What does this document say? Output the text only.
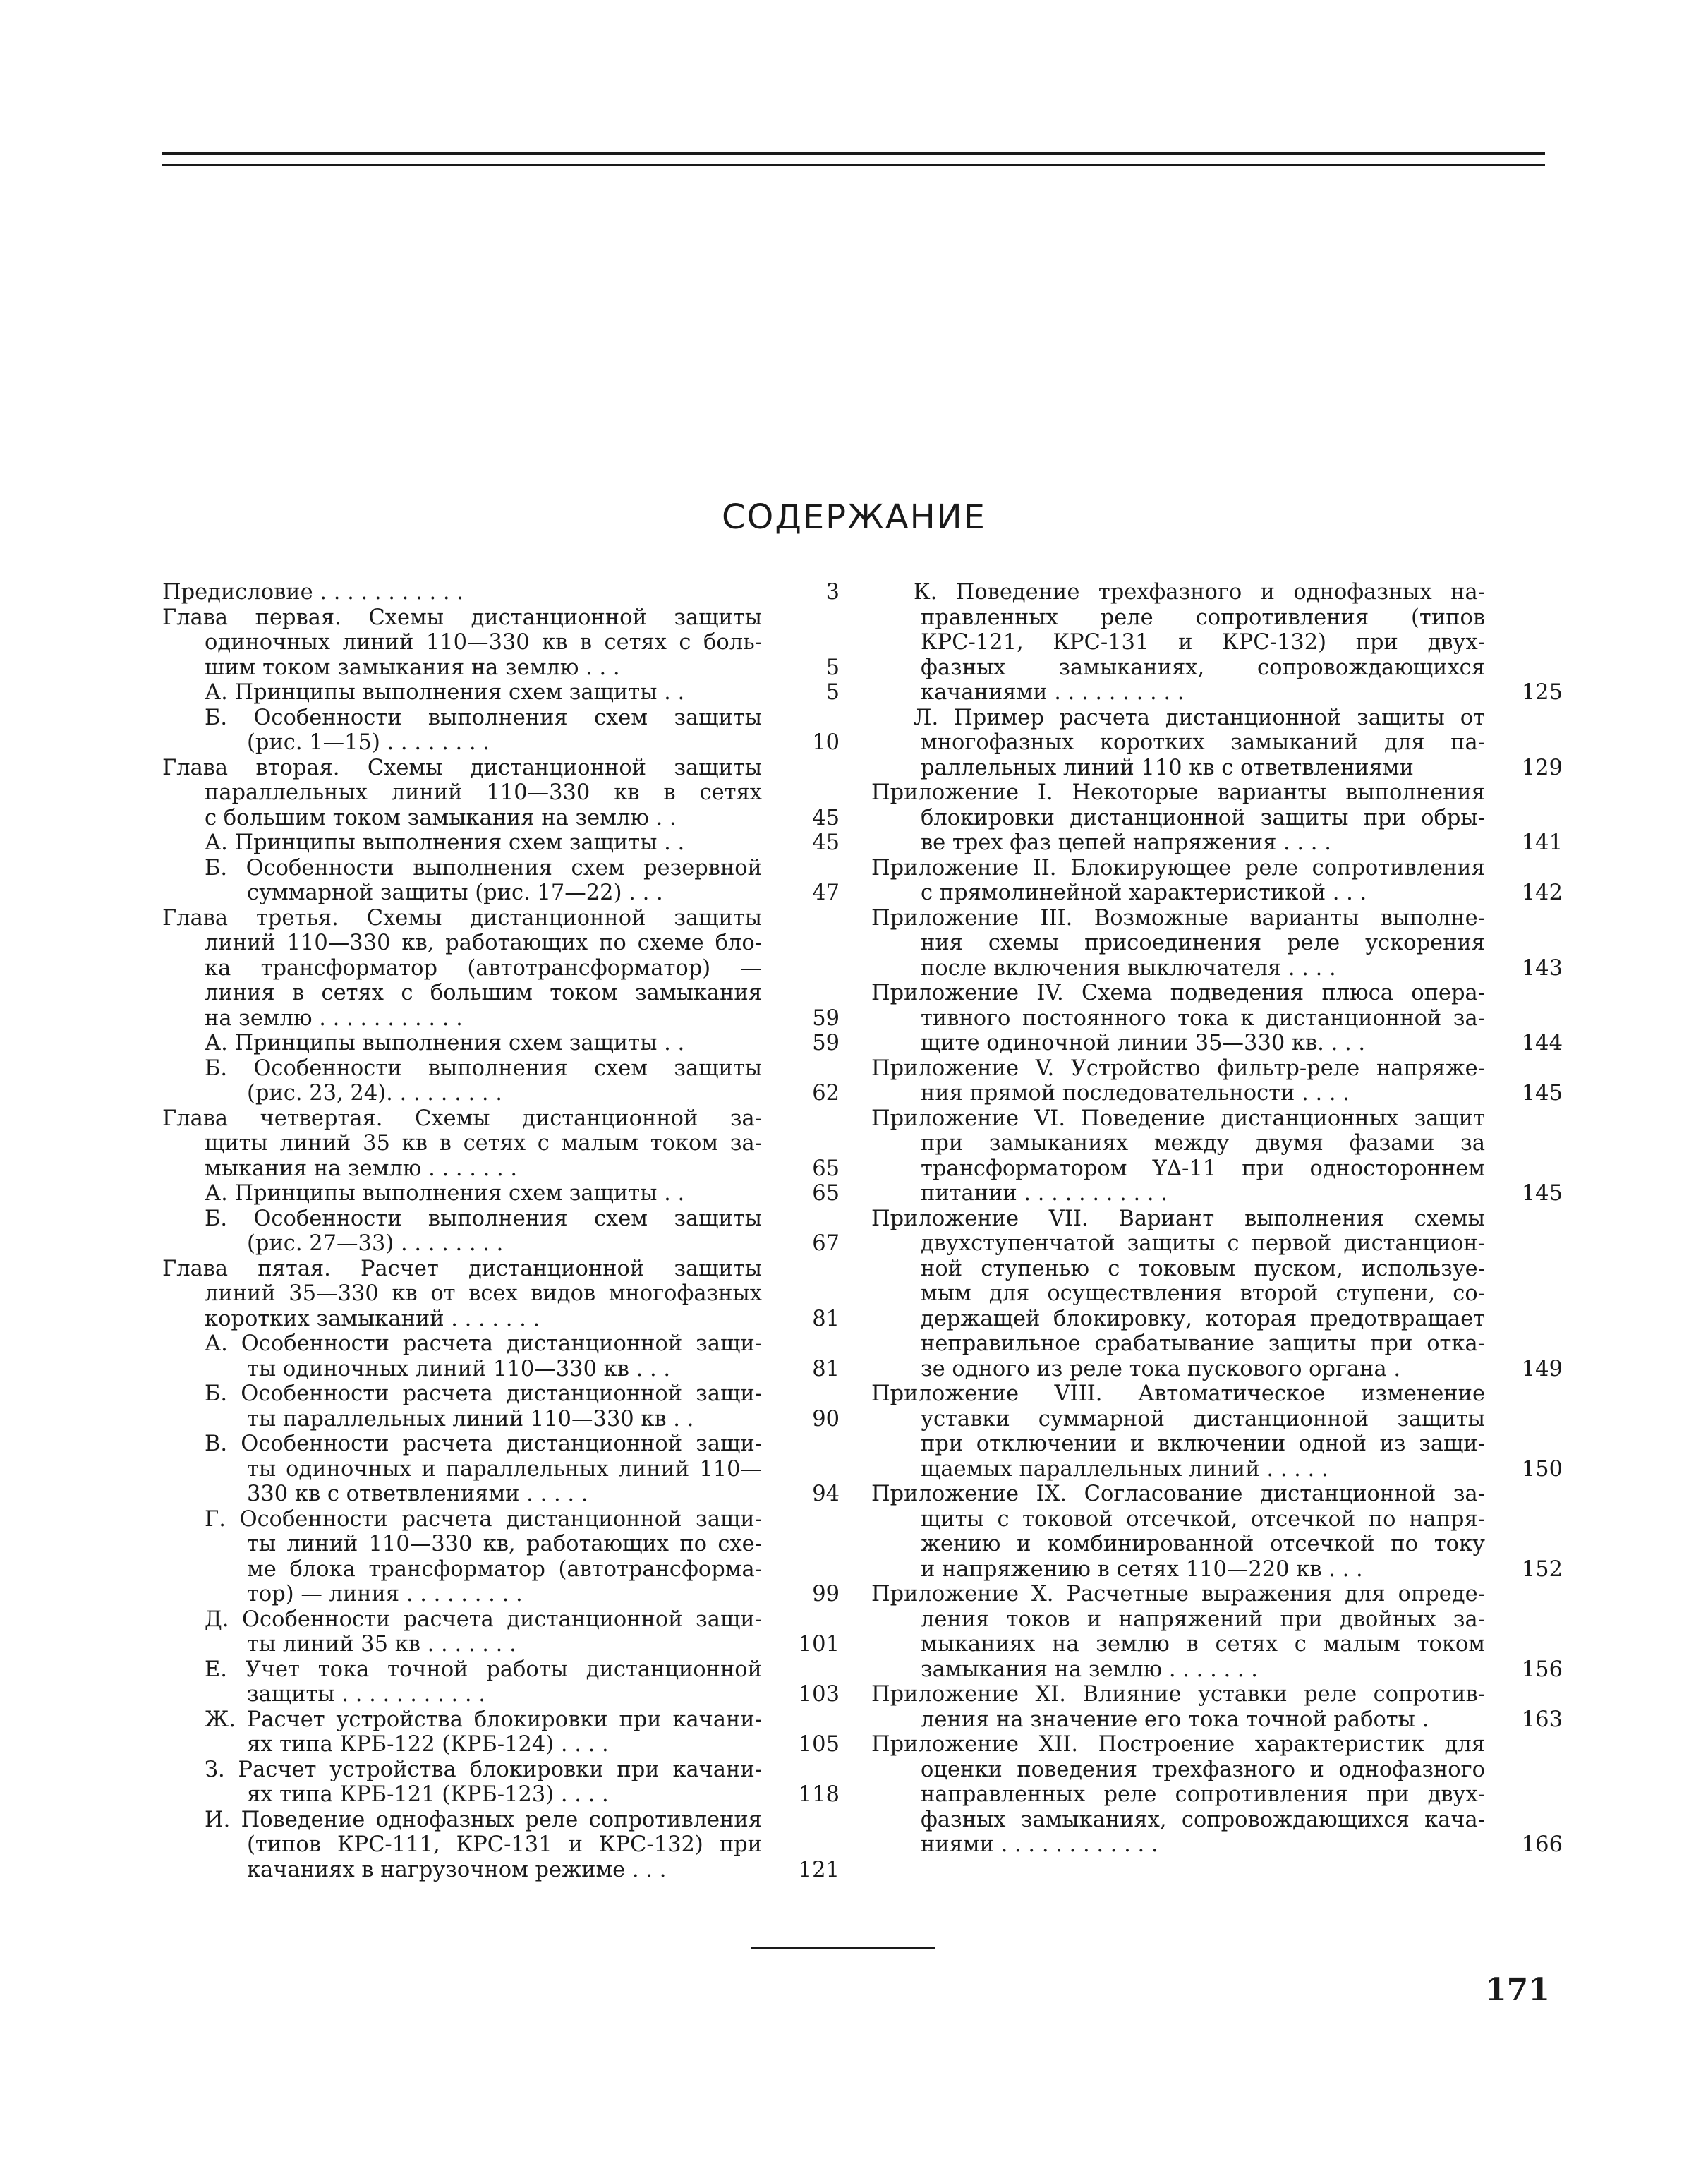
СОДЕРЖАНИЕ
Предисловие . . . . . . . . . . .	3
Глава первая. Схемы дистанционной защиты
одиночных линий 110—330 кв в сетях с боль-
шим током замыкания на землю . . .	5
А. Принципы выполнения схем защиты . .	5
Б. Особенности выполнения схем защиты
(рис. 1—15) . . . . . . . .	10
Глава вторая. Схемы дистанционной защиты
параллельных линий 110—330 кв в сетях
с большим током замыкания на землю . .	45
А. Принципы выполнения схем защиты . .	45
Б. Особенности выполнения схем резервной
суммарной защиты (рис. 17—22) . . .	47
Глава третья. Схемы дистанционной защиты
линий 110—330 кв, работающих по схеме бло-
ка трансформатор (автотрансформатор) —
линия в сетях с большим током замыкания
на землю . . . . . . . . . . .	59
А. Принципы выполнения схем защиты . .	59
Б. Особенности выполнения схем защиты
(рис. 23, 24). . . . . . . . .	62
Глава четвертая. Схемы дистанционной за-
щиты линий 35 кв в сетях с малым током за-
мыкания на землю . . . . . . .	65
А. Принципы выполнения схем защиты . .	65
Б. Особенности выполнения схем защиты
(рис. 27—33) . . . . . . . .	67
Глава пятая. Расчет дистанционной защиты
линий 35—330 кв от всех видов многофазных
коротких замыканий . . . . . . .	81
А. Особенности расчета дистанционной защи-
ты одиночных линий 110—330 кв . . .	81
Б. Особенности расчета дистанционной защи-
ты параллельных линий 110—330 кв . .	90
В. Особенности расчета дистанционной защи-
ты одиночных и параллельных линий 110—
330 кв с ответвлениями . . . . .	94
Г. Особенности расчета дистанционной защи-
ты линий 110—330 кв, работающих по схе-
ме блока трансформатор (автотрансформа-
тор) — линия . . . . . . . . .	99
Д. Особенности расчета дистанционной защи-
ты линий 35 кв . . . . . . .	101
Е. Учет тока точной работы дистанционной
защиты . . . . . . . . . . .	103
Ж. Расчет устройства блокировки при качани-
ях типа КРБ-122 (КРБ-124) . . . .	105
З. Расчет устройства блокировки при качани-
ях типа КРБ-121 (КРБ-123) . . . .	118
И. Поведение однофазных реле сопротивления
(типов КРС-111, КРС-131 и КРС-132) при
качаниях в нагрузочном режиме . . .	121
К. Поведение трехфазного и однофазных на-
правленных реле сопротивления (типов
КРС-121, КРС-131 и КРС-132) при двух-
фазных замыканиях, сопровождающихся
качаниями . . . . . . . . . .	125
Л. Пример расчета дистанционной защиты от
многофазных коротких замыканий для па-
раллельных линий 110 кв с ответвлениями	129
Приложение I. Некоторые варианты выполнения
блокировки дистанционной защиты при обры-
ве трех фаз цепей напряжения . . . .	141
Приложение II. Блокирующее реле сопротивления
с прямолинейной характеристикой . . .	142
Приложение III. Возможные варианты выполне-
ния схемы присоединения реле ускорения
после включения выключателя . . . .	143
Приложение IV. Схема подведения плюса опера-
тивного постоянного тока к дистанционной за-
щите одиночной линии 35—330 кв. . . .	144
Приложение V. Устройство фильтр-реле напряже-
ния прямой последовательности . . . .	145
Приложение VI. Поведение дистанционных защит
при замыканиях между двумя фазами за
трансформатором Y∆-11 при одностороннем
питании . . . . . . . . . . .	145
Приложение VII. Вариант выполнения схемы
двухступенчатой защиты с первой дистанцион-
ной ступенью с токовым пуском, используе-
мым для осуществления второй ступени, со-
держащей блокировку, которая предотвращает
неправильное срабатывание защиты при отка-
зе одного из реле тока пускового органа .	149
Приложение VIII. Автоматическое изменение
уставки суммарной дистанционной защиты
при отключении и включении одной из защи-
щаемых параллельных линий . . . . .	150
Приложение IX. Согласование дистанционной за-
щиты с токовой отсечкой, отсечкой по напря-
жению и комбинированной отсечкой по току
и напряжению в сетях 110—220 кв . . .	152
Приложение X. Расчетные выражения для опреде-
ления токов и напряжений при двойных за-
мыканиях на землю в сетях с малым током
замыкания на землю . . . . . . .	156
Приложение XI. Влияние уставки реле сопротив-
ления на значение его тока точной работы .	163
Приложение XII. Построение характеристик для
оценки поведения трехфазного и однофазного
направленных реле сопротивления при двух-
фазных замыканиях, сопровождающихся кача-
ниями . . . . . . . . . . . .	166
171
